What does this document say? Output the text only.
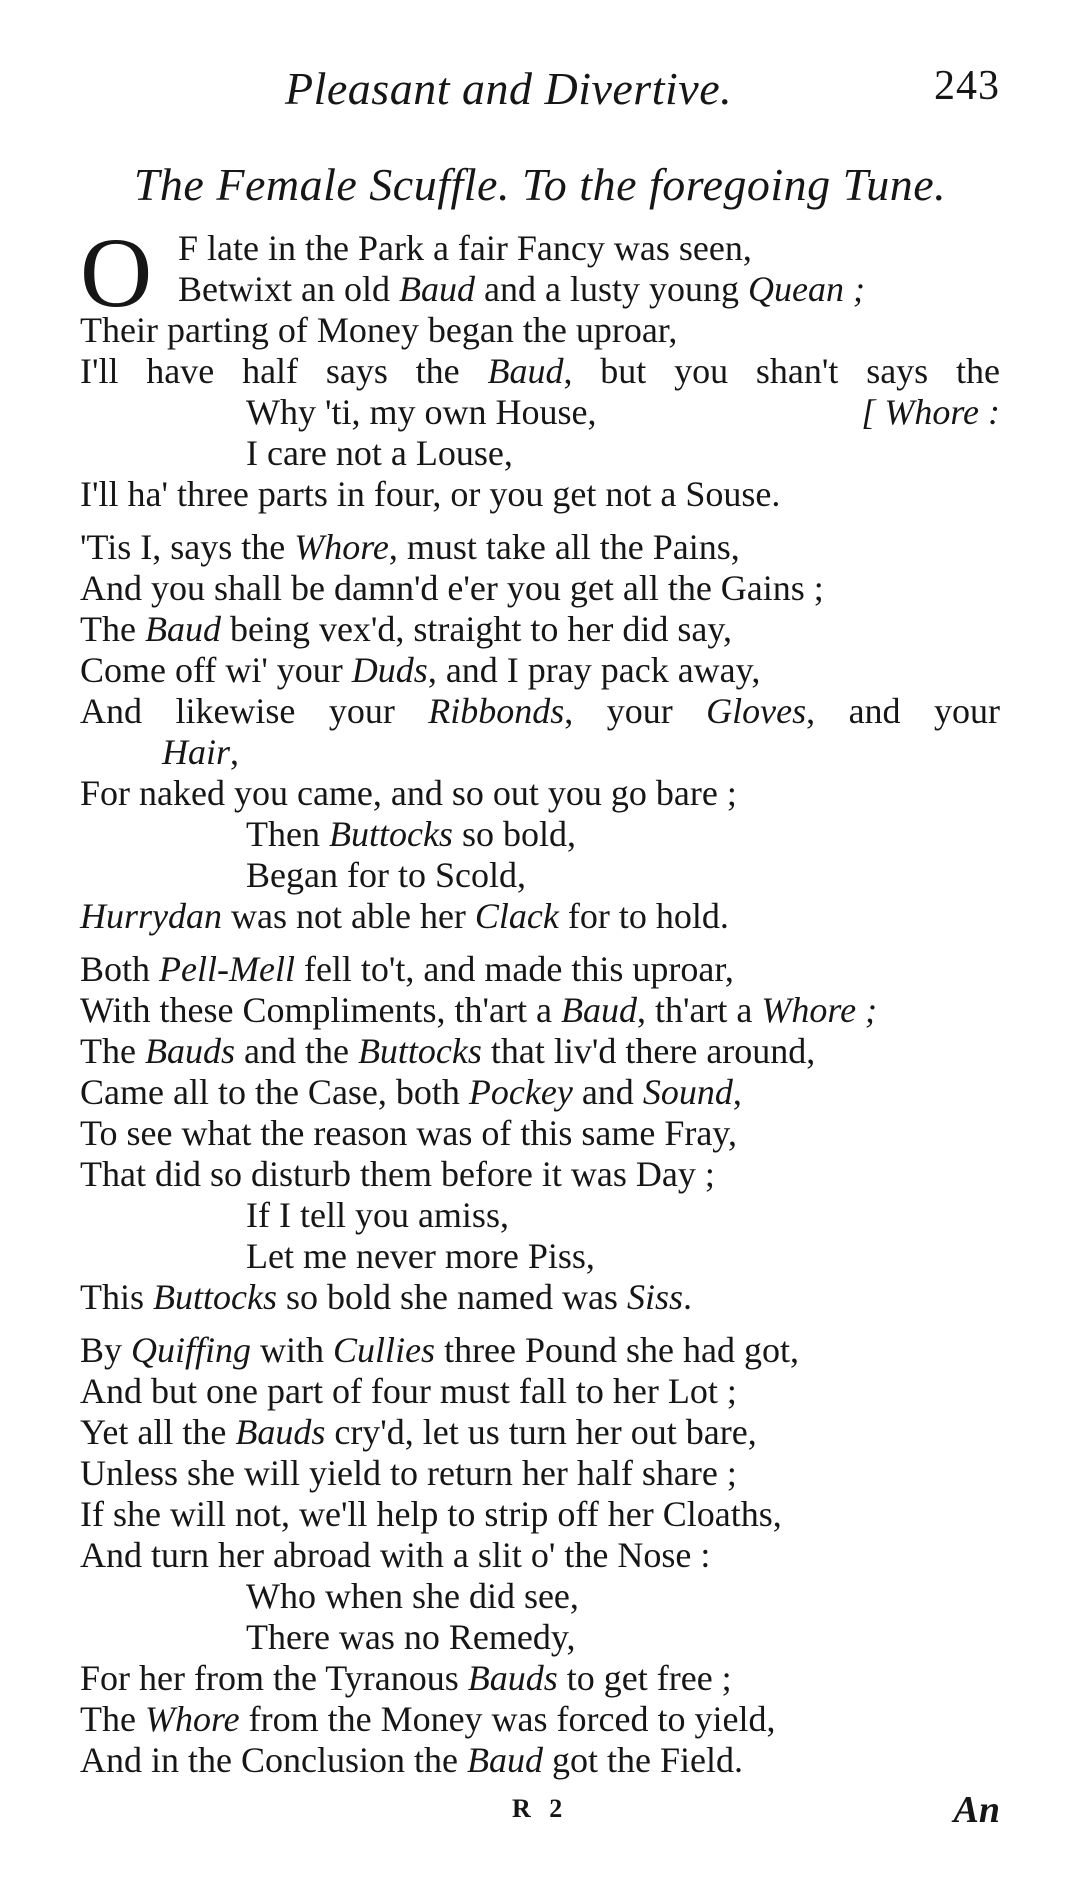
Pleasant and Divertive.	243
The Female Scuffle. To the foregoing Tune.
O F late in the Park a fair Fancy was seen,
Betwixt an old Baud and a lusty young Quean ;
Their parting of Money began the uproar,
I'll have half says the Baud, but you shan't says the
Why 'ti, my own House,	[ Whore :
I care not a Louse,
I'll ha' three parts in four, or you get not a Souse.
'Tis I, says the Whore, must take all the Pains,
And you shall be damn'd e'er you get all the Gains ;
The Baud being vex'd, straight to her did say,
Come off wi' your Duds, and I pray pack away,
And likewise your Ribbonds, your Gloves, and your
Hair,
For naked you came, and so out you go bare ;
Then Buttocks so bold,
Began for to Scold,
Hurrydan was not able her Clack for to hold.
Both Pell-Mell fell to't, and made this uproar,
With these Compliments, th'art a Baud, th'art a Whore ;
The Bauds and the Buttocks that liv'd there around,
Came all to the Case, both Pockey and Sound,
To see what the reason was of this same Fray,
That did so disturb them before it was Day ;
If I tell you amiss,
Let me never more Piss,
This Buttocks so bold she named was Siss.
By Quiffing with Cullies three Pound she had got,
And but one part of four must fall to her Lot ;
Yet all the Bauds cry'd, let us turn her out bare,
Unless she will yield to return her half share ;
If she will not, we'll help to strip off her Cloaths,
And turn her abroad with a slit o' the Nose :
Who when she did see,
There was no Remedy,
For her from the Tyranous Bauds to get free ;
The Whore from the Money was forced to yield,
And in the Conclusion the Baud got the Field.
R 2	An
